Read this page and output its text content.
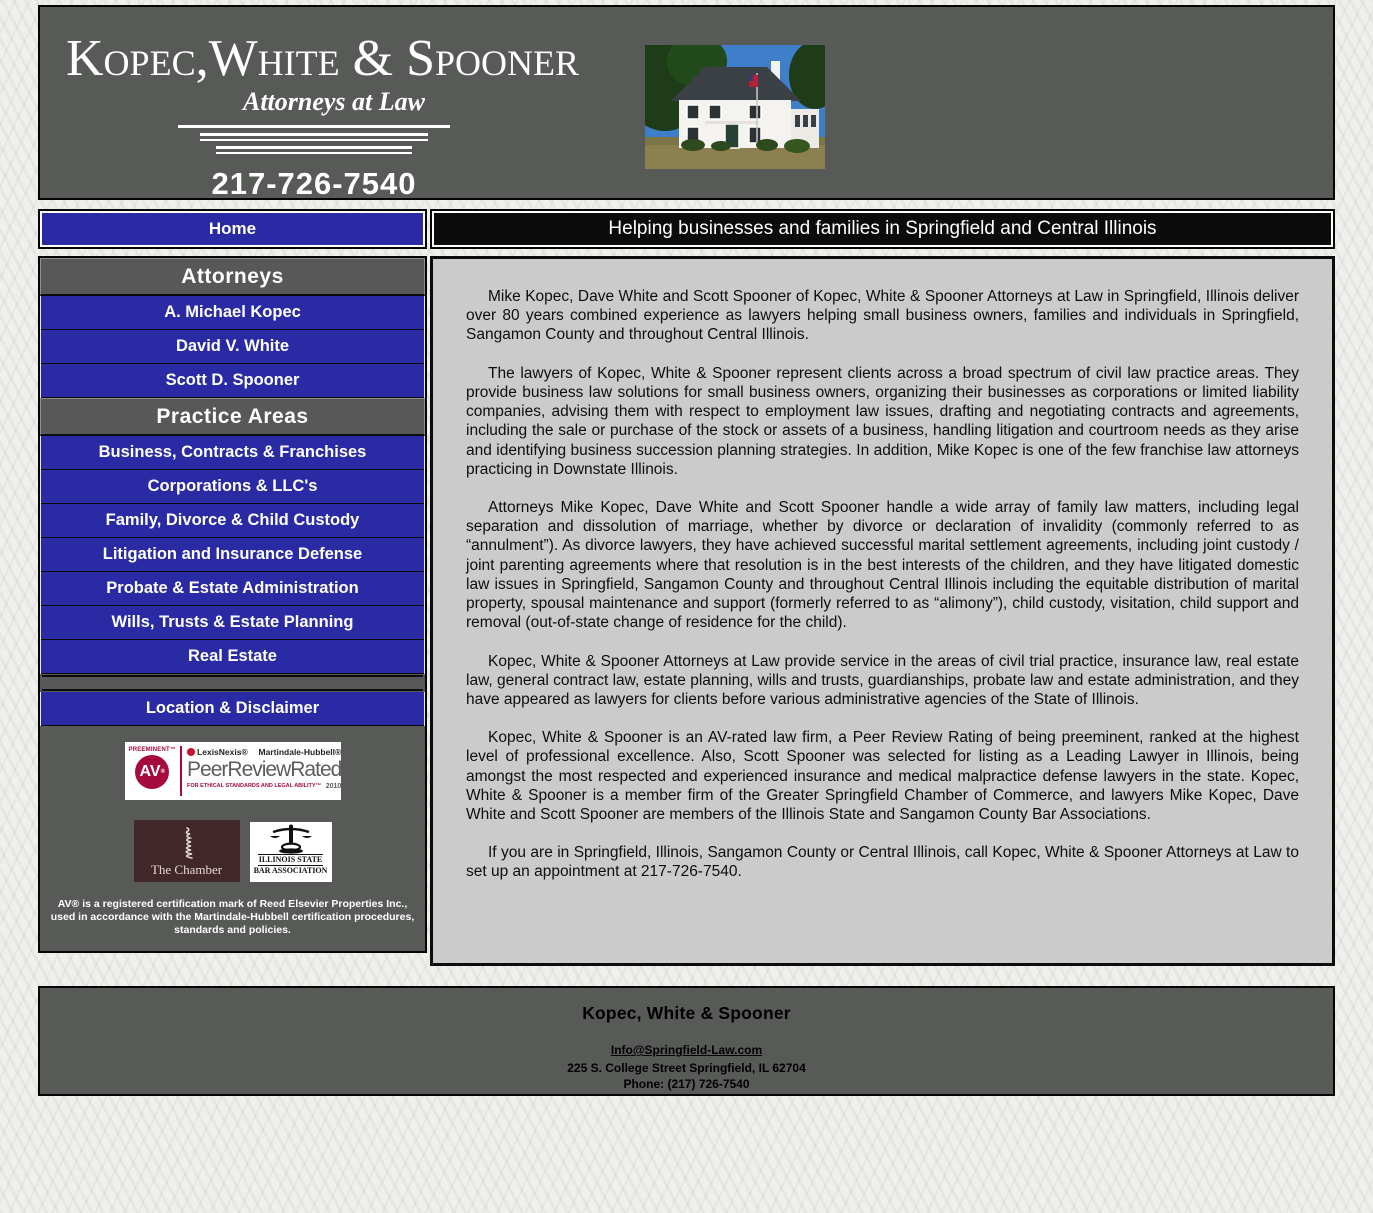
Kopec,White & Spooner
Attorneys at Law
217-726-7540
Home	Helping businesses and families in Springfield and Central Illinois
Attorneys
A. Michael Kopec
David V. White
Scott D. Spooner
Practice Areas
Business, Contracts & Franchises
Corporations & LLC's
Family, Divorce & Child Custody
Litigation and Insurance Defense
Probate & Estate Administration
Wills, Trusts & Estate Planning
Real Estate
Location & Disclaimer
PREEMINENT™
AV ®
LexisNexis® Martindale-Hubbell®
PeerReviewRated
FOR ETHICAL STANDARDS AND LEGAL ABILITY™ 2010
The Chamber
ILLINOIS STATE
BAR ASSOCIATION
AV® is a registered certification mark of Reed Elsevier Properties Inc., used in accordance with the Martindale-Hubbell certification procedures, standards and policies.

Mike Kopec, Dave White and Scott Spooner of Kopec, White & Spooner Attorneys at Law in Springfield, Illinois deliver over 80 years combined experience as lawyers helping small business owners, families and individuals in Springfield, Sangamon County and throughout Central Illinois.

The lawyers of Kopec, White & Spooner represent clients across a broad spectrum of civil law practice areas. They provide business law solutions for small business owners, organizing their businesses as corporations or limited liability companies, advising them with respect to employment law issues, drafting and negotiating contracts and agreements, including the sale or purchase of the stock or assets of a business, handling litigation and courtroom needs as they arise and identifying business succession planning strategies. In addition, Mike Kopec is one of the few franchise law attorneys practicing in Downstate Illinois.

Attorneys Mike Kopec, Dave White and Scott Spooner handle a wide array of family law matters, including legal separation and dissolution of marriage, whether by divorce or declaration of invalidity (commonly referred to as “annulment”). As divorce lawyers, they have achieved successful marital settlement agreements, including joint custody / joint parenting agreements where that resolution is in the best interests of the children, and they have litigated domestic law issues in Springfield, Sangamon County and throughout Central Illinois including the equitable distribution of marital property, spousal maintenance and support (formerly referred to as “alimony”), child custody, visitation, child support and removal (out-of-state change of residence for the child).

Kopec, White & Spooner Attorneys at Law provide service in the areas of civil trial practice, insurance law, real estate law, general contract law, estate planning, wills and trusts, guardianships, probate law and estate administration, and they have appeared as lawyers for clients before various administrative agencies of the State of Illinois.

Kopec, White & Spooner is an AV-rated law firm, a Peer Review Rating of being preeminent, ranked at the highest level of professional excellence. Also, Scott Spooner was selected for listing as a Leading Lawyer in Illinois, being amongst the most respected and experienced insurance and medical malpractice defense lawyers in the state. Kopec, White & Spooner is a member firm of the Greater Springfield Chamber of Commerce, and lawyers Mike Kopec, Dave White and Scott Spooner are members of the Illinois State and Sangamon County Bar Associations.

If you are in Springfield, Illinois, Sangamon County or Central Illinois, call Kopec, White & Spooner Attorneys at Law to set up an appointment at 217-726-7540.

Kopec, White & Spooner
Info@Springfield-Law.com
225 S. College Street Springfield, IL 62704
Phone: (217) 726-7540
